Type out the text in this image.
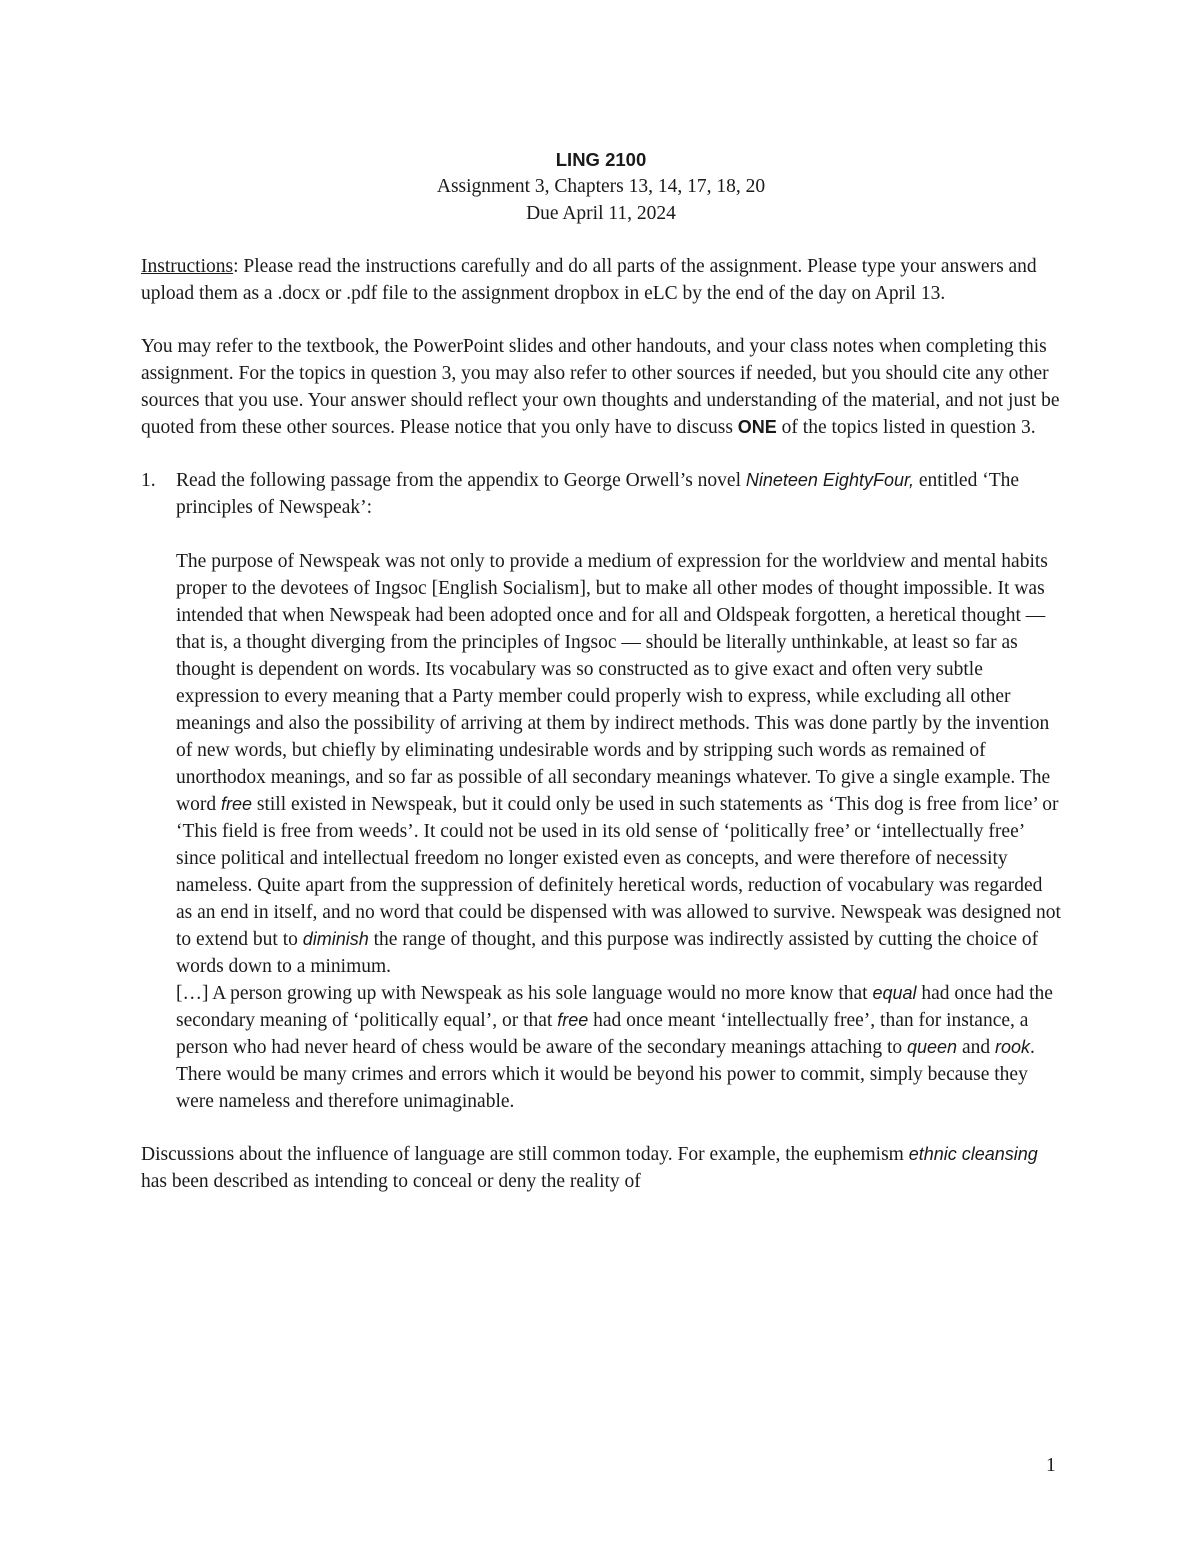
LING 2100
Assignment 3, Chapters 13, 14, 17, 18, 20
Due April 11, 2024

Instructions: Please read the instructions carefully and do all parts of the assignment. Please type your answers and upload them as a .docx or .pdf file to the assignment dropbox in eLC by the end of the day on April 13.

You may refer to the textbook, the PowerPoint slides and other handouts, and your class notes when completing this assignment. For the topics in question 3, you may also refer to other sources if needed, but you should cite any other sources that you use. Your answer should reflect your own thoughts and understanding of the material, and not just be quoted from these other sources. Please notice that you only have to discuss ONE of the topics listed in question 3.

1. Read the following passage from the appendix to George Orwell’s novel Nineteen EightyFour, entitled ‘The principles of Newspeak’:

The purpose of Newspeak was not only to provide a medium of expression for the worldview and mental habits proper to the devotees of Ingsoc [English Socialism], but to make all other modes of thought impossible. It was intended that when Newspeak had been adopted once and for all and Oldspeak forgotten, a heretical thought — that is, a thought diverging from the principles of Ingsoc — should be literally unthinkable, at least so far as thought is dependent on words. Its vocabulary was so constructed as to give exact and often very subtle expression to every meaning that a Party member could properly wish to express, while excluding all other meanings and also the possibility of arriving at them by indirect methods. This was done partly by the invention of new words, but chiefly by eliminating undesirable words and by stripping such words as remained of unorthodox meanings, and so far as possible of all secondary meanings whatever. To give a single example. The word free still existed in Newspeak, but it could only be used in such statements as ‘This dog is free from lice’ or ‘This field is free from weeds’. It could not be used in its old sense of ‘politically free’ or ‘intellectually free’ since political and intellectual freedom no longer existed even as concepts, and were therefore of necessity nameless. Quite apart from the suppression of definitely heretical words, reduction of vocabulary was regarded as an end in itself, and no word that could be dispensed with was allowed to survive. Newspeak was designed not to extend but to diminish the range of thought, and this purpose was indirectly assisted by cutting the choice of words down to a minimum.

[…] A person growing up with Newspeak as his sole language would no more know that equal had once had the secondary meaning of ‘politically equal’, or that free had once meant ‘intellectually free’, than for instance, a person who had never heard of chess would be aware of the secondary meanings attaching to queen and rook. There would be many crimes and errors which it would be beyond his power to commit, simply because they were nameless and therefore unimaginable.

Discussions about the influence of language are still common today. For example, the euphemism ethnic cleansing has been described as intending to conceal or deny the reality of

1
